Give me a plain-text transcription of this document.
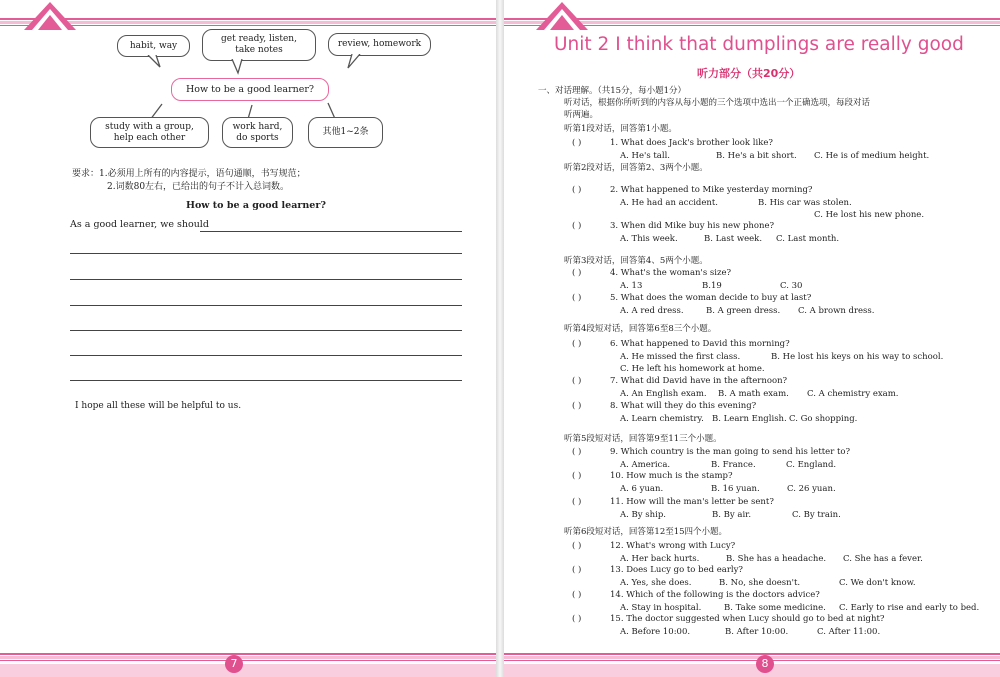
habit, way
get ready, listen,
take notes
review, homework
How to be a good learner?
study with a group,
help each other
work hard,
do sports
其他1~2条
要求：1.必须用上所有的内容提示，语句通顺，书写规范；
2.词数80左右，已给出的句子不计入总词数。
How to be a good learner?
As a good learner, we should
I hope all these will be helpful to us.
7
Unit 2 I think that dumplings are really good
听力部分（共20分）
一、对话理解。（共15分，每小题1分）
听对话，根据你所听到的内容从每小题的三个选项中选出一个正确选项，每段对话
听两遍。
听第1段对话，回答第1小题。
听第2段对话，回答第2、3两个小题。
听第3段对话，回答第4、5两个小题。
听第4段短对话，回答第6至8三个小题。
听第5段短对话，回答第9至11三个小题。
听第6段短对话，回答第12至15四个小题。
( )	1. What does Jack's brother look like?
A. He's tall.	B. He's a bit short. C. He is of medium height.
( )	2. What happened to Mike yesterday morning?
A. He had an accident.	B. His car was stolen.
C. He lost his new phone.
( )	3. When did Mike buy his new phone?
A. This week.	B. Last week. C. Last month.
( )	4. What's the woman's size?
A. 13	B.19	C. 30
( )	5. What does the woman decide to buy at last?
A. A red dress.	B. A green dress. C. A brown dress.
( )	6. What happened to David this morning?
A. He missed the first class.	B. He lost his keys on his way to school.
C. He left his homework at home.
( )	7. What did David have in the afternoon?
A. An English exam. B. A math exam. C. A chemistry exam.
( )	8. What will they do this evening?
A. Learn chemistry. B. Learn English. C. Go shopping.
( )	9. Which country is the man going to send his letter to?
A. America.	B. France.	C. England.
( )	10. How much is the stamp?
A. 6 yuan.	B. 16 yuan.	C. 26 yuan.
( )	11. How will the man's letter be sent?
A. By ship.	B. By air.	C. By train.
( )	12. What's wrong with Lucy?
A. Her back hurts.	B. She has a headache. C. She has a fever.
( )	13. Does Lucy go to bed early?
A. Yes, she does.	B. No, she doesn't.	C. We don't know.
( )	14. Which of the following is the doctors advice?
A. Stay in hospital.	B. Take some medicine. C. Early to rise and early to bed.
( )	15. The doctor suggested when Lucy should go to bed at night?
A. Before 10:00.	B. After 10:00.	C. After 11:00.
8
